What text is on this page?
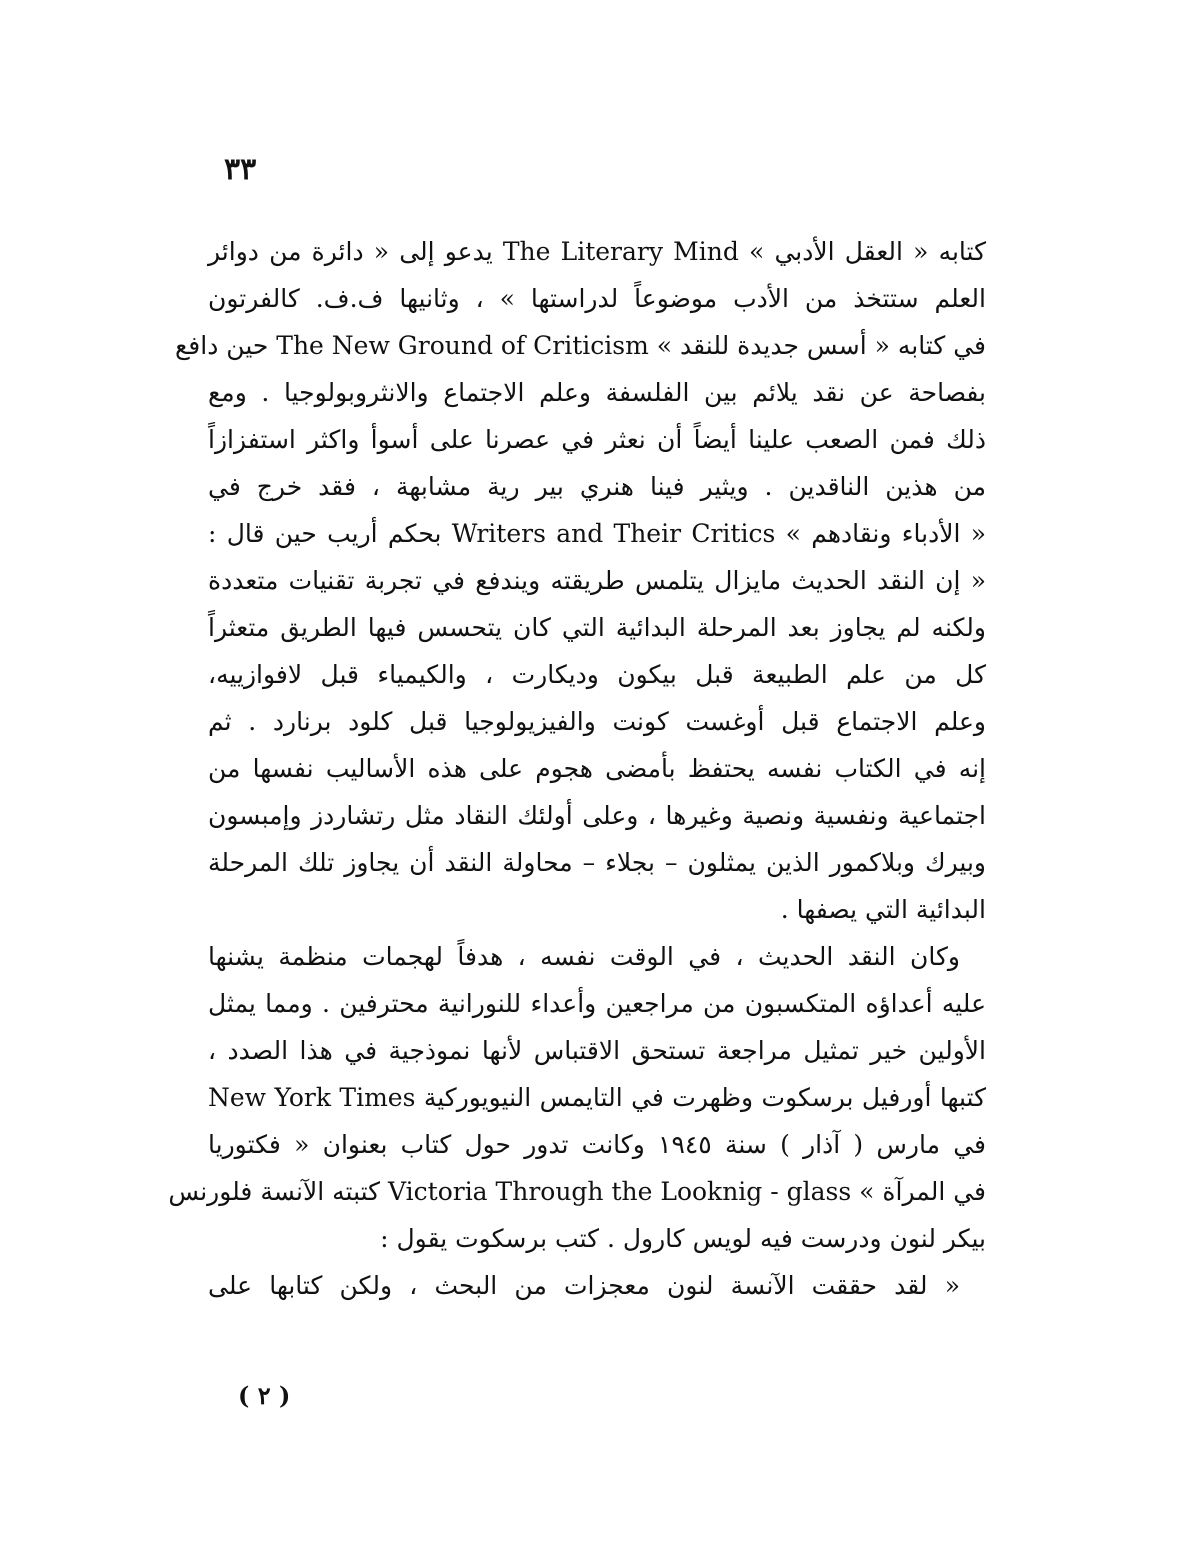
٣٣
كتابه « العقل الأدبي » The Literary Mind يدعو إلى « دائرة من دوائر
العلم ستتخذ من الأدب موضوعاً لدراستها » ، وثانيها ف.ف. كالفرتون
في كتابه « أسس جديدة للنقد » The New Ground of Criticism حين دافع
بفصاحة عن نقد يلائم بين الفلسفة وعلم الاجتماع والانثروبولوجيا . ومع
ذلك فمن الصعب علينا أيضاً أن نعثر في عصرنا على أسوأ واكثر استفزازاً
من هذين الناقدين . ويثير فينا هنري بير رية مشابهة ، فقد خرج في
« الأدباء ونقادهم » Writers and Their Critics بحكم أريب حين قال :
« إن النقد الحديث مايزال يتلمس طريقته ويندفع في تجربة تقنيات متعددة
ولكنه لم يجاوز بعد المرحلة البدائية التي كان يتحسس فيها الطريق متعثراً
كل من علم الطبيعة قبل بيكون وديكارت ، والكيمياء قبل لافوازييه،
وعلم الاجتماع قبل أوغست كونت والفيزيولوجيا قبل كلود برنارد . ثم
إنه في الكتاب نفسه يحتفظ بأمضى هجوم على هذه الأساليب نفسها من
اجتماعية ونفسية ونصية وغيرها ، وعلى أولئك النقاد مثل رتشاردز وإمبسون
وبيرك وبلاكمور الذين يمثلون – بجلاء – محاولة النقد أن يجاوز تلك المرحلة
البدائية التي يصفها .
وكان النقد الحديث ، في الوقت نفسه ، هدفاً لهجمات منظمة يشنها
عليه أعداؤه المتكسبون من مراجعين وأعداء للنورانية محترفين . ومما يمثل
الأولين خير تمثيل مراجعة تستحق الاقتباس لأنها نموذجية في هذا الصدد ،
كتبها أورفيل برسكوت وظهرت في التايمس النيويوركية New York Times
في مارس ( آذار ) سنة ١٩٤٥ وكانت تدور حول كتاب بعنوان « فكتوريا
في المرآة » Victoria Through the Looknig - glass كتبته الآنسة فلورنس
بيكر لنون ودرست فيه لويس كارول . كتب برسكوت يقول :
« لقد حققت الآنسة لنون معجزات من البحث ، ولكن كتابها على
( ٢ )
